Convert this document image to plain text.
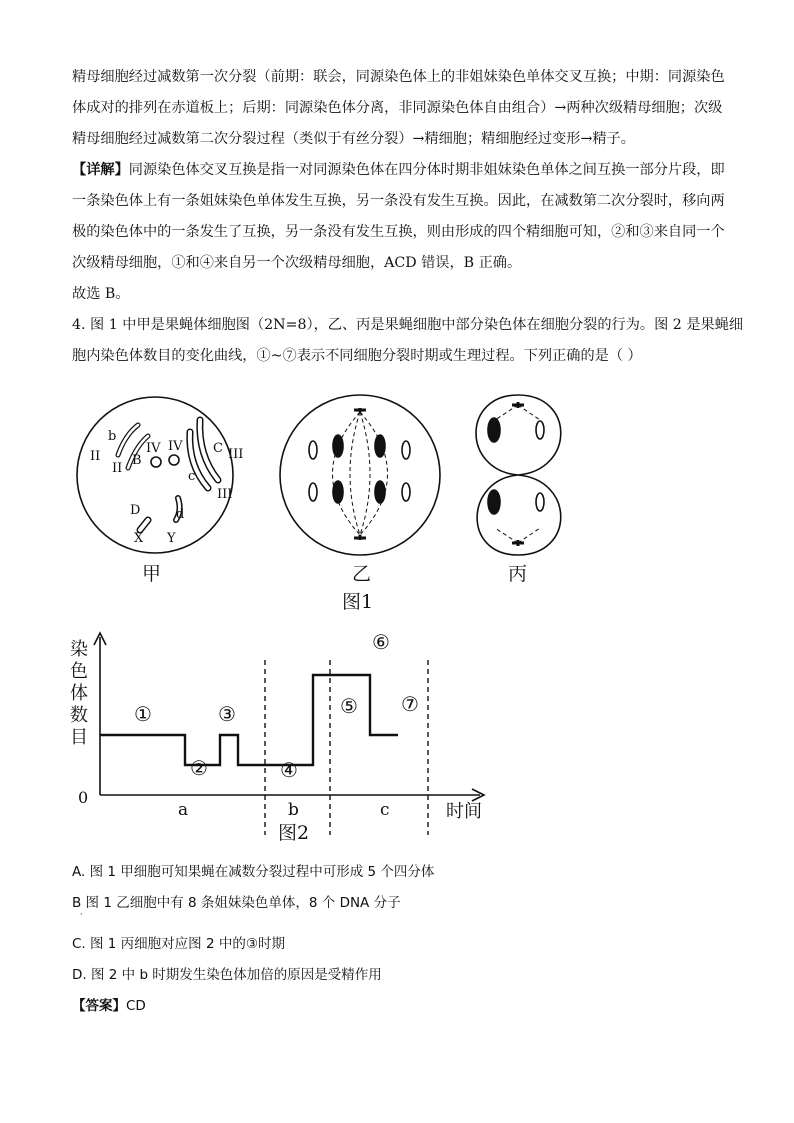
精母细胞经过减数第一次分裂（前期：联会，同源染色体上的非姐妹染色单体交叉互换；中期：同源染色
体成对的排列在赤道板上；后期：同源染色体分离，非同源染色体自由组合）→两种次级精母细胞；次级
精母细胞经过减数第二次分裂过程（类似于有丝分裂）→精细胞；精细胞经过变形→精子。
【详解】同源染色体交叉互换是指一对同源染色体在四分体时期非姐妹染色单体之间互换一部分片段，即
一条染色体上有一条姐妹染色单体发生互换，另一条没有发生互换。因此，在减数第二次分裂时，移向两
极的染色体中的一条发生了互换，另一条没有发生互换，则由形成的四个精细胞可知，②和③来自同一个
次级精母细胞，①和④来自另一个次级精母细胞，ACD 错误，B 正确。
故选 B。
4. 图 1 中甲是果蝇体细胞图（2N=8），乙、丙是果蝇细胞中部分染色体在细胞分裂的行为。图 2 是果蝇细
胞内染色体数目的变化曲线，①~⑦表示不同细胞分裂时期或生理过程。下列正确的是（ ）
II
b
II
B
IV IV C III
c
III
D	d
X Y
甲	乙	丙
图1
染
色
体
数
目
0
a	b	c	时间
①
②
③
④
⑤
⑥
⑦
图2
A. 图 1 甲细胞可知果蝇在减数分裂过程中可形成 5 个四分体
B 图 1 乙细胞中有 8 条姐妹染色单体，8 个 DNA 分子
·
C. 图 1 丙细胞对应图 2 中的③时期
D. 图 2 中 b 时期发生染色体加倍的原因是受精作用
【答案】CD
